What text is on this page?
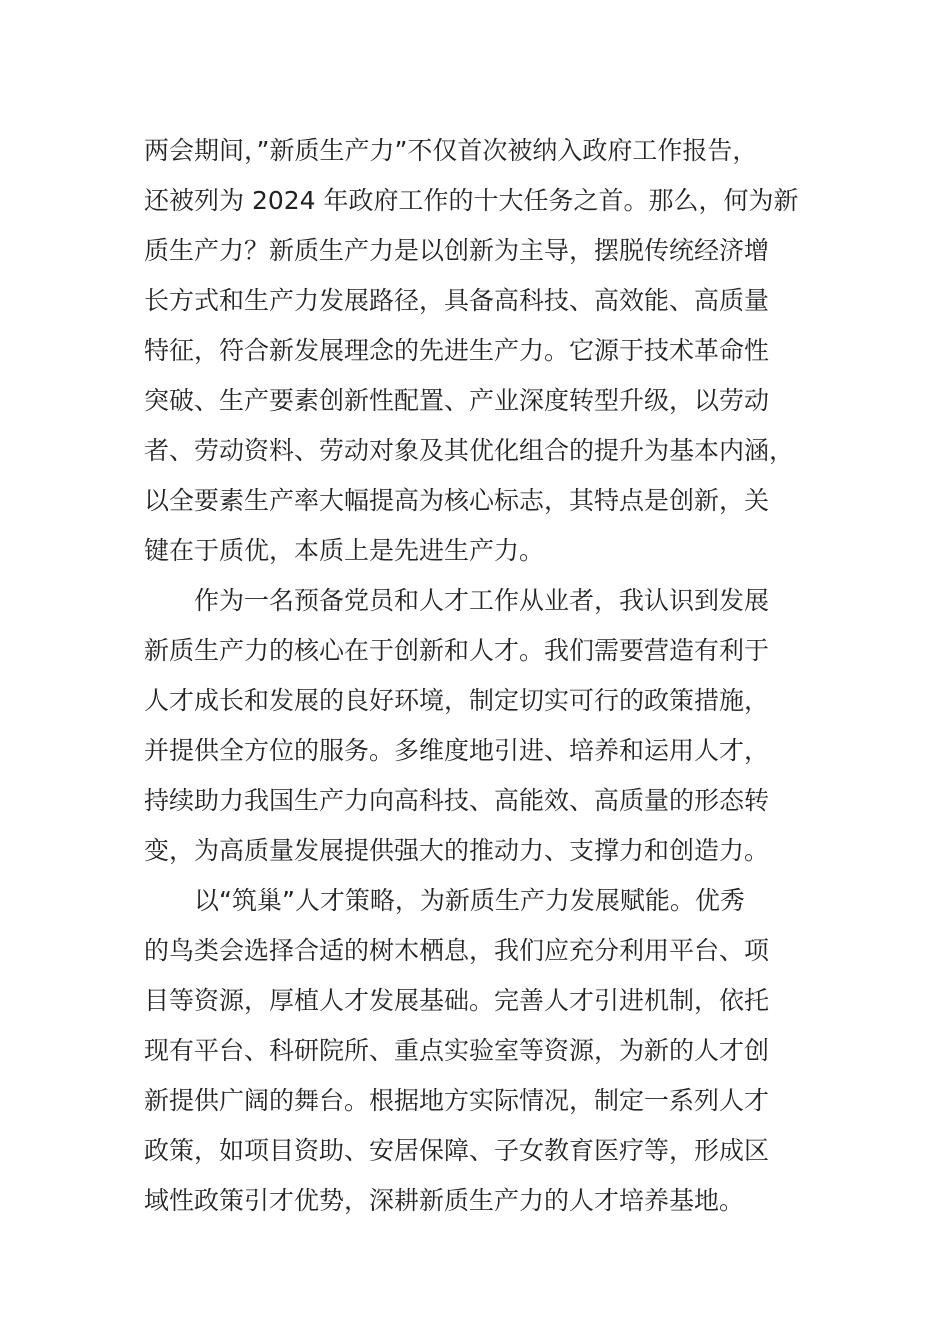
两会期间，”新质生产力”不仅首次被纳入政府工作报告，
还被列为 2024 年政府工作的十大任务之首。那么，何为新
质生产力？新质生产力是以创新为主导，摆脱传统经济增
长方式和生产力发展路径，具备高科技、高效能、高质量
特征，符合新发展理念的先进生产力。它源于技术革命性
突破、生产要素创新性配置、产业深度转型升级，以劳动
者、劳动资料、劳动对象及其优化组合的提升为基本内涵，
以全要素生产率大幅提高为核心标志，其特点是创新，关
键在于质优，本质上是先进生产力。
作为一名预备党员和人才工作从业者，我认识到发展
新质生产力的核心在于创新和人才。我们需要营造有利于
人才成长和发展的良好环境，制定切实可行的政策措施，
并提供全方位的服务。多维度地引进、培养和运用人才，
持续助力我国生产力向高科技、高能效、高质量的形态转
变，为高质量发展提供强大的推动力、支撑力和创造力。
以“筑巢”人才策略，为新质生产力发展赋能。优秀
的鸟类会选择合适的树木栖息，我们应充分利用平台、项
目等资源，厚植人才发展基础。完善人才引进机制，依托
现有平台、科研院所、重点实验室等资源，为新的人才创
新提供广阔的舞台。根据地方实际情况，制定一系列人才
政策，如项目资助、安居保障、子女教育医疗等，形成区
域性政策引才优势，深耕新质生产力的人才培养基地。
